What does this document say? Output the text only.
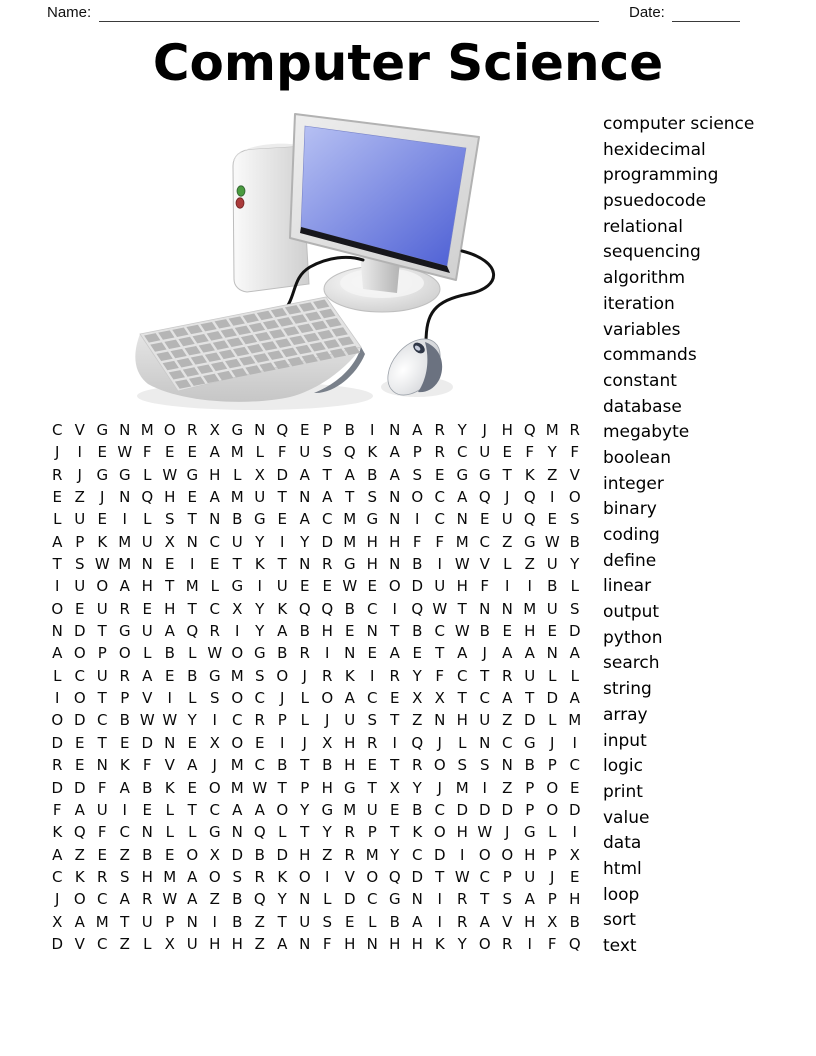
Name:	Date:
Computer Science
C V G N M O R X G N Q E P B	I N A R Y	J H Q M R
J	I	E W F E E A M L F U S Q K A P R C U E F Y F
R	J G G L W G H L X D A T A B A S E G G T K Z V
E Z	J N Q H E A M U T N A T S N O C A Q J Q I O
L U E	I	L S T N B G E A C M G N I	C N E U Q E S
A P K M U X N C U Y	I	Y D M H H F F M C Z G W B
T S W M N E	I	E T K T N R G H N B	I W V L Z U Y
I U O A H T M L G I U E E W E O D U H F	I	I	B L
O E U R E H T C X Y K Q Q B C	I Q W T N N M U S
N D T G U A Q R	I	Y A B H E N T B C W B E H E D
A O P O L B L W O G B R	I N E A E T A	J	A A N A
L C U R A E B G M S O J	R K	I	R Y F C T R U L L
I O T P V	I	L S O C	J	L O A C E X X T C A T D A
O D C B W W Y	I	C R P L	J U S T Z N H U Z D L M
D E T E D N E X O E	I	J	X H R	I Q J	L N C G J	I
R E N K F V A	J M C B T B H E T R O S S N B P C
D D F A B K E O M W T P H G T X Y	J M I	Z P O E
F A U I	E L T C A A O Y G M U E B C D D D P O D
K Q F C N L L G N Q L T Y R P T K O H W J G L	I
A Z E Z B E O X D B D H Z R M Y C D I O O H P X
C K R S H M A O S R K O I	V O Q D T W C P U J	E
J O C A R W A Z B Q Y N L D C G N I	R T S A P H
X A M T U P N I	B Z T U S E L B A	I	R A V H X B
D V C Z L X U H H Z A N F H N H H K Y O R	I	F Q
computer science
hexidecimal
programming
psuedocode
relational
sequencing
algorithm
iteration
variables
commands
constant
database
megabyte
boolean
integer
binary
coding
define
linear
output
python
search
string
array
input
logic
print
value
data
html
loop
sort
text
